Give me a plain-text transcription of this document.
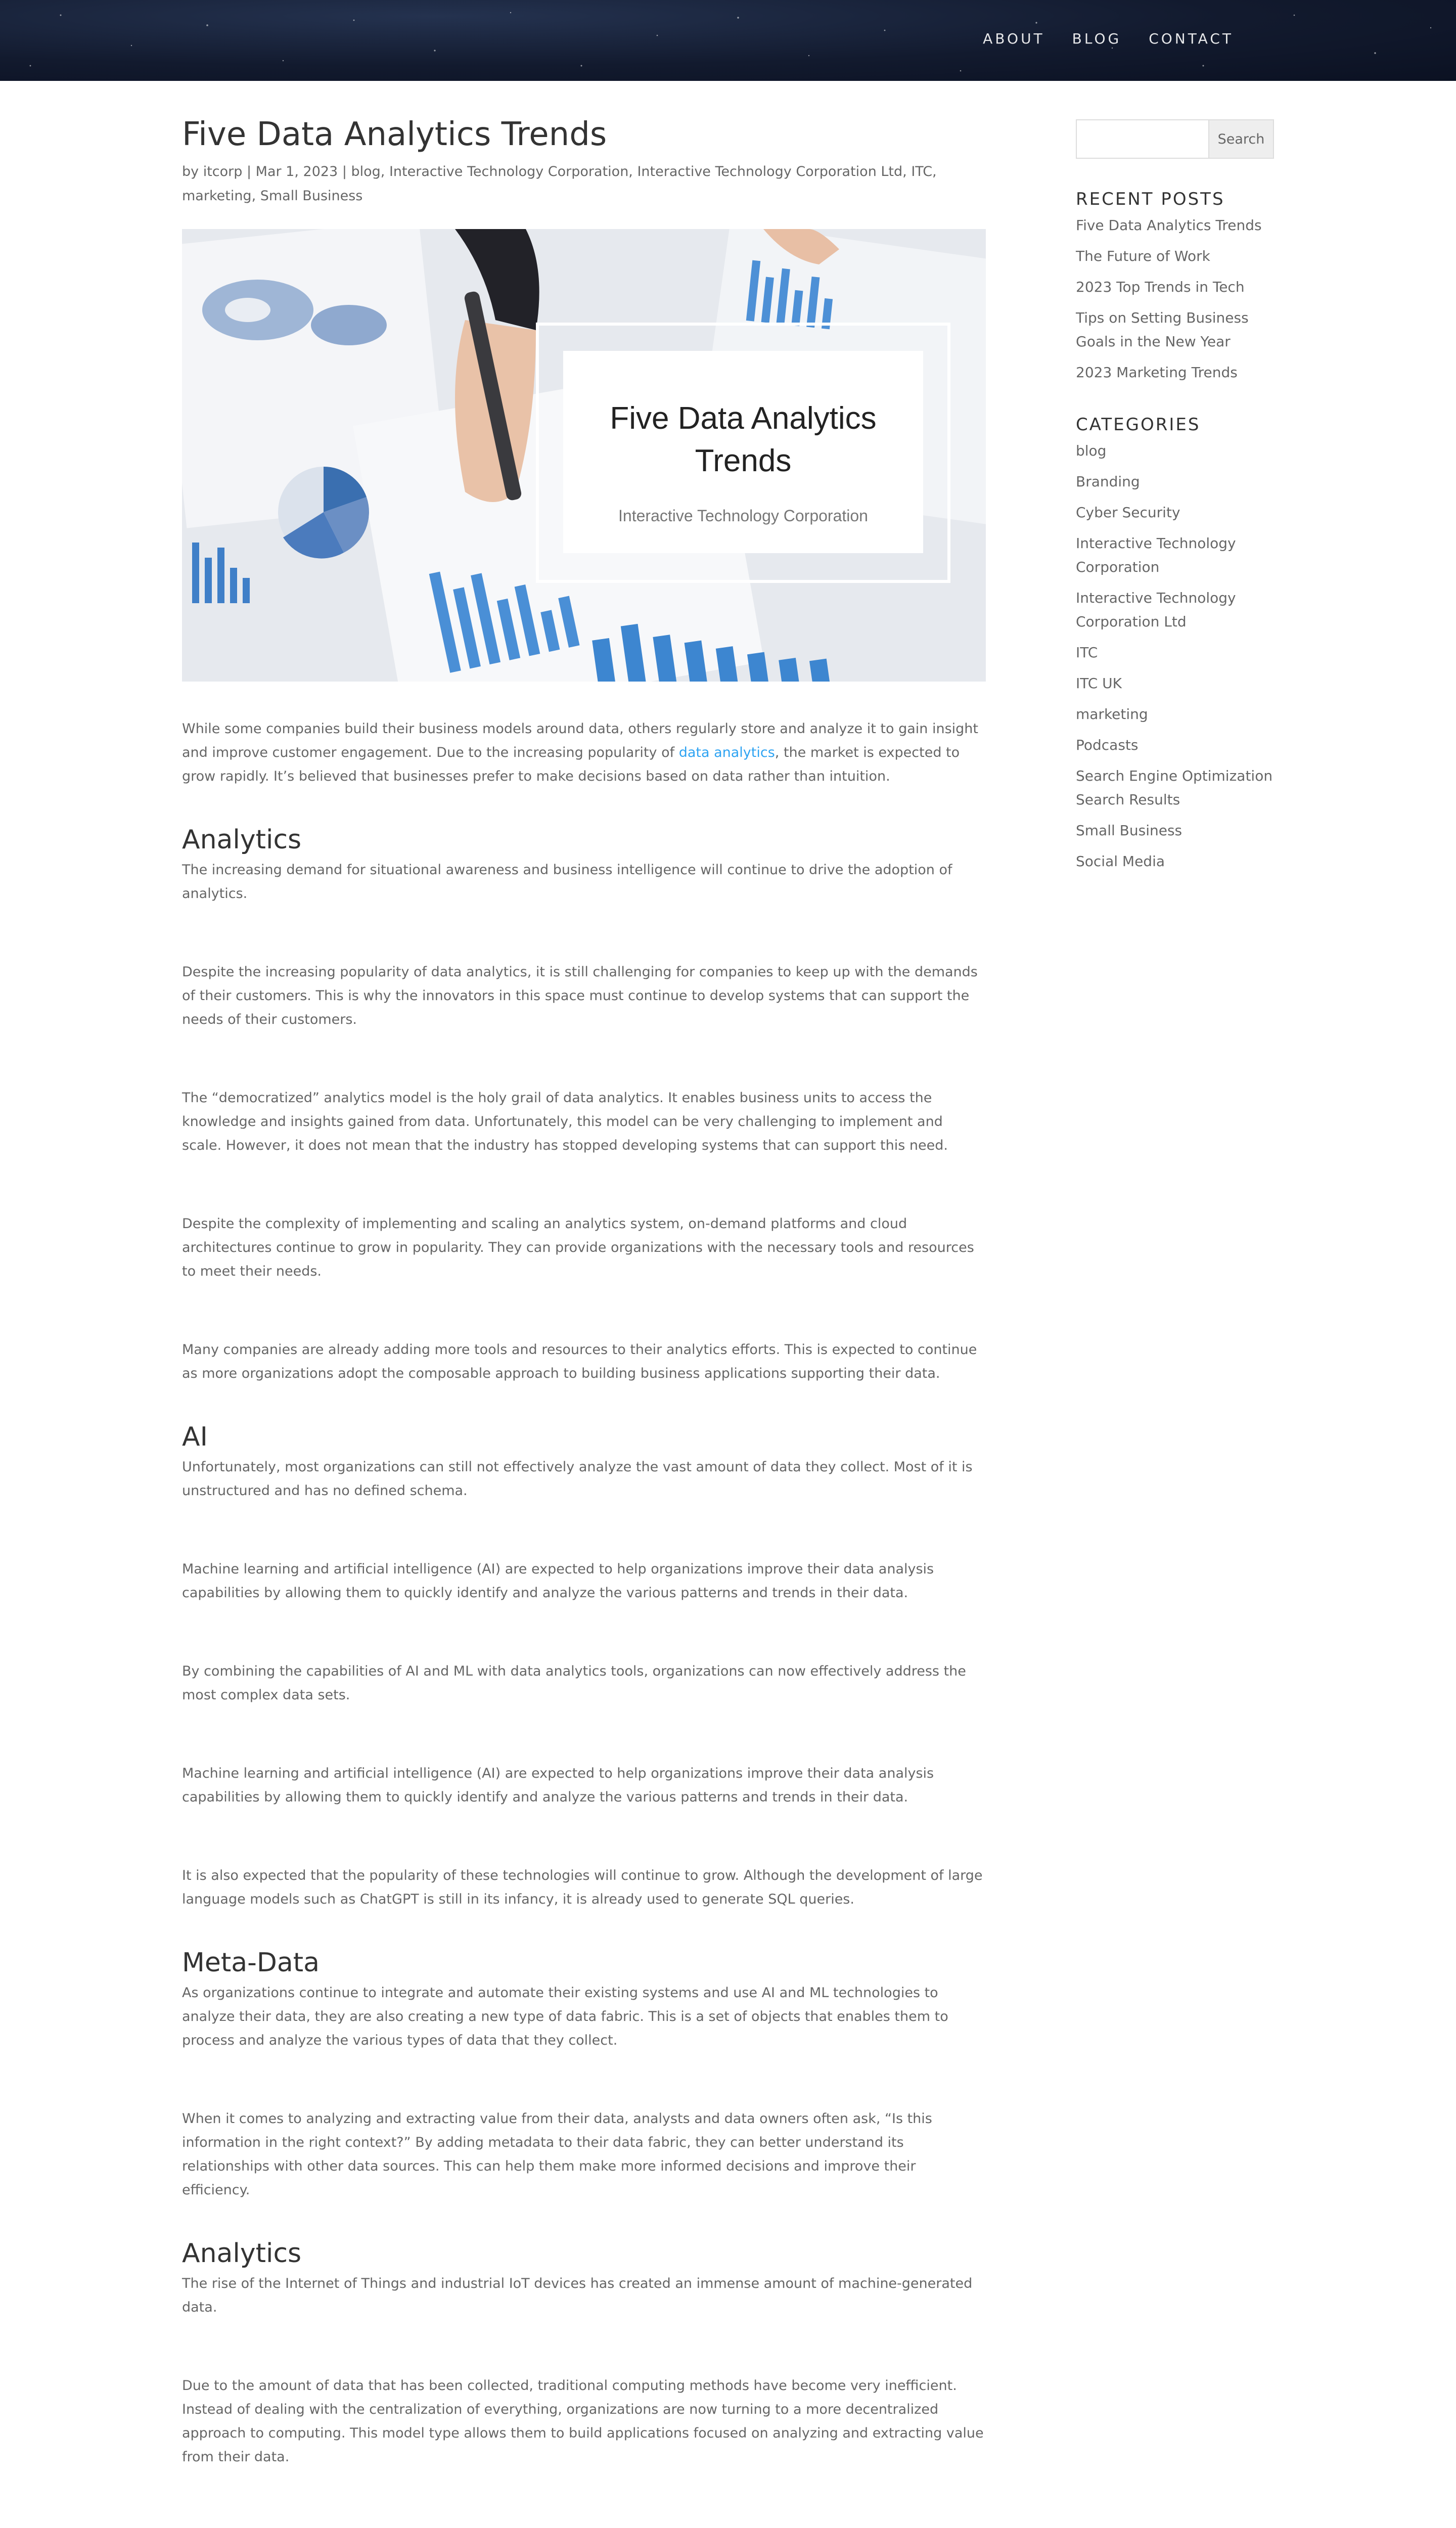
ABOUT BLOG CONTACT
Five Data Analytics Trends
by itcorp | Mar 1, 2023 | blog, Interactive Technology Corporation, Interactive Technology Corporation Ltd, ITC, marketing, Small Business
Five Data Analytics Trends
Interactive Technology Corporation

While some companies build their business models around data, others regularly store and analyze it to gain insight and improve customer engagement. Due to the increasing popularity of data analytics, the market is expected to grow rapidly. It’s believed that businesses prefer to make decisions based on data rather than intuition.

Analytics

The increasing demand for situational awareness and business intelligence will continue to drive the adoption of analytics.

Despite the increasing popularity of data analytics, it is still challenging for companies to keep up with the demands of their customers. This is why the innovators in this space must continue to develop systems that can support the needs of their customers.

The “democratized” analytics model is the holy grail of data analytics. It enables business units to access the knowledge and insights gained from data. Unfortunately, this model can be very challenging to implement and scale. However, it does not mean that the industry has stopped developing systems that can support this need.

Despite the complexity of implementing and scaling an analytics system, on-demand platforms and cloud architectures continue to grow in popularity. They can provide organizations with the necessary tools and resources to meet their needs.

Many companies are already adding more tools and resources to their analytics efforts. This is expected to continue as more organizations adopt the composable approach to building business applications supporting their data.

AI

Unfortunately, most organizations can still not effectively analyze the vast amount of data they collect. Most of it is unstructured and has no defined schema.

Machine learning and artificial intelligence (AI) are expected to help organizations improve their data analysis capabilities by allowing them to quickly identify and analyze the various patterns and trends in their data.

By combining the capabilities of AI and ML with data analytics tools, organizations can now effectively address the most complex data sets.

Machine learning and artificial intelligence (AI) are expected to help organizations improve their data analysis capabilities by allowing them to quickly identify and analyze the various patterns and trends in their data.

It is also expected that the popularity of these technologies will continue to grow. Although the development of large language models such as ChatGPT is still in its infancy, it is already used to generate SQL queries.

Meta-Data

As organizations continue to integrate and automate their existing systems and use AI and ML technologies to analyze their data, they are also creating a new type of data fabric. This is a set of objects that enables them to process and analyze the various types of data that they collect.

When it comes to analyzing and extracting value from their data, analysts and data owners often ask, “Is this information in the right context?” By adding metadata to their data fabric, they can better understand its relationships with other data sources. This can help them make more informed decisions and improve their efficiency.

Analytics

The rise of the Internet of Things and industrial IoT devices has created an immense amount of machine-generated data.

Due to the amount of data that has been collected, traditional computing methods have become very inefficient. Instead of dealing with the centralization of everything, organizations are now turning to a more decentralized approach to computing. This model type allows them to build applications focused on analyzing and extracting value from their data.

Search
RECENT POSTS
Five Data Analytics Trends
The Future of Work
2023 Top Trends in Tech
Tips on Setting Business Goals in the New Year
2023 Marketing Trends
CATEGORIES
blog
Branding
Cyber Security
Interactive Technology Corporation
Interactive Technology Corporation Ltd
ITC
ITC UK
marketing
Podcasts
Search Engine Optimization Search Results
Small Business
Social Media
